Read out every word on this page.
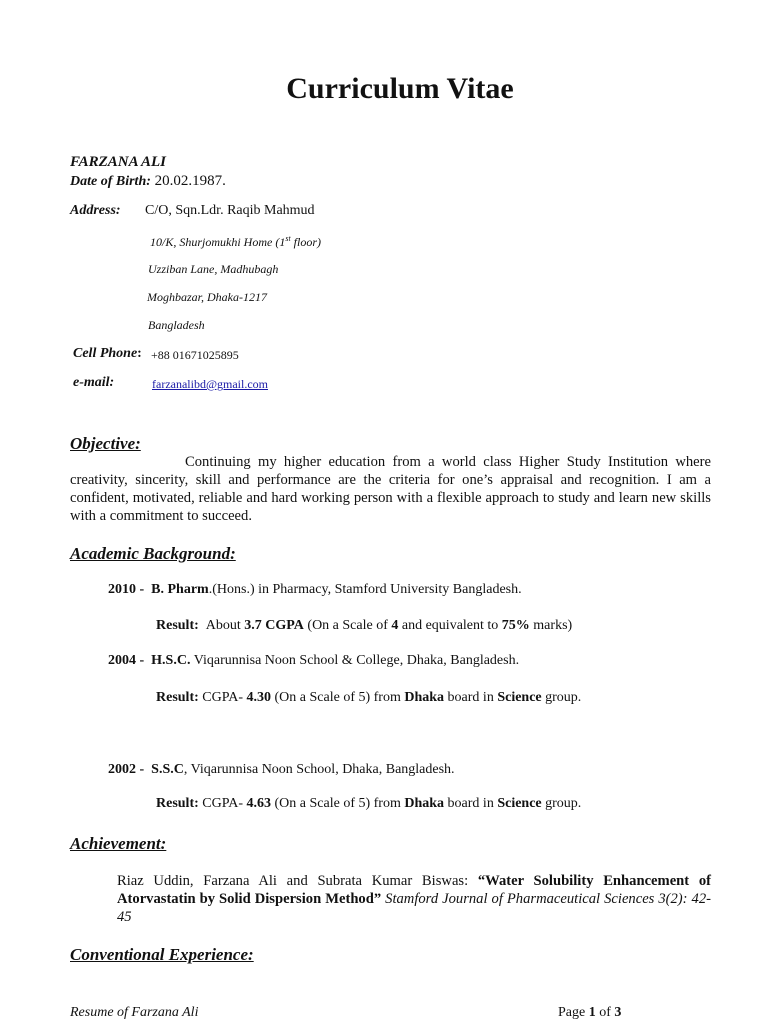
Curriculum Vitae
FARZANA ALI
Date of Birth: 20.02.1987.
Address: C/O, Sqn.Ldr. Raqib Mahmud
10/K, Shurjomukhi Home (1st floor)
Uzziban Lane, Madhubagh
Moghbazar, Dhaka-1217
Bangladesh
Cell Phone: +88 01671025895
e-mail:	farzanalibd@gmail.com
Objective:
Continuing my higher education from a world class Higher Study Institution where creativity, sincerity, skill and performance are the criteria for one’s appraisal and recognition. I am a confident, motivated, reliable and hard working person with a flexible approach to study and learn new skills with a commitment to succeed.
Academic Background:
2010 - B. Pharm.(Hons.) in Pharmacy, Stamford University Bangladesh.
Result: About 3.7 CGPA (On a Scale of 4 and equivalent to 75% marks)
2004 - H.S.C. Viqarunnisa Noon School & College, Dhaka, Bangladesh.
Result: CGPA- 4.30 (On a Scale of 5) from Dhaka board in Science group.
2002 - S.S.C, Viqarunnisa Noon School, Dhaka, Bangladesh.
Result: CGPA- 4.63 (On a Scale of 5) from Dhaka board in Science group.
Achievement:
Riaz Uddin, Farzana Ali and Subrata Kumar Biswas: “Water Solubility Enhancement of Atorvastatin by Solid Dispersion Method” Stamford Journal of Pharmaceutical Sciences 3(2): 42-45
Conventional Experience:
Resume of Farzana Ali	Page 1 of 3
